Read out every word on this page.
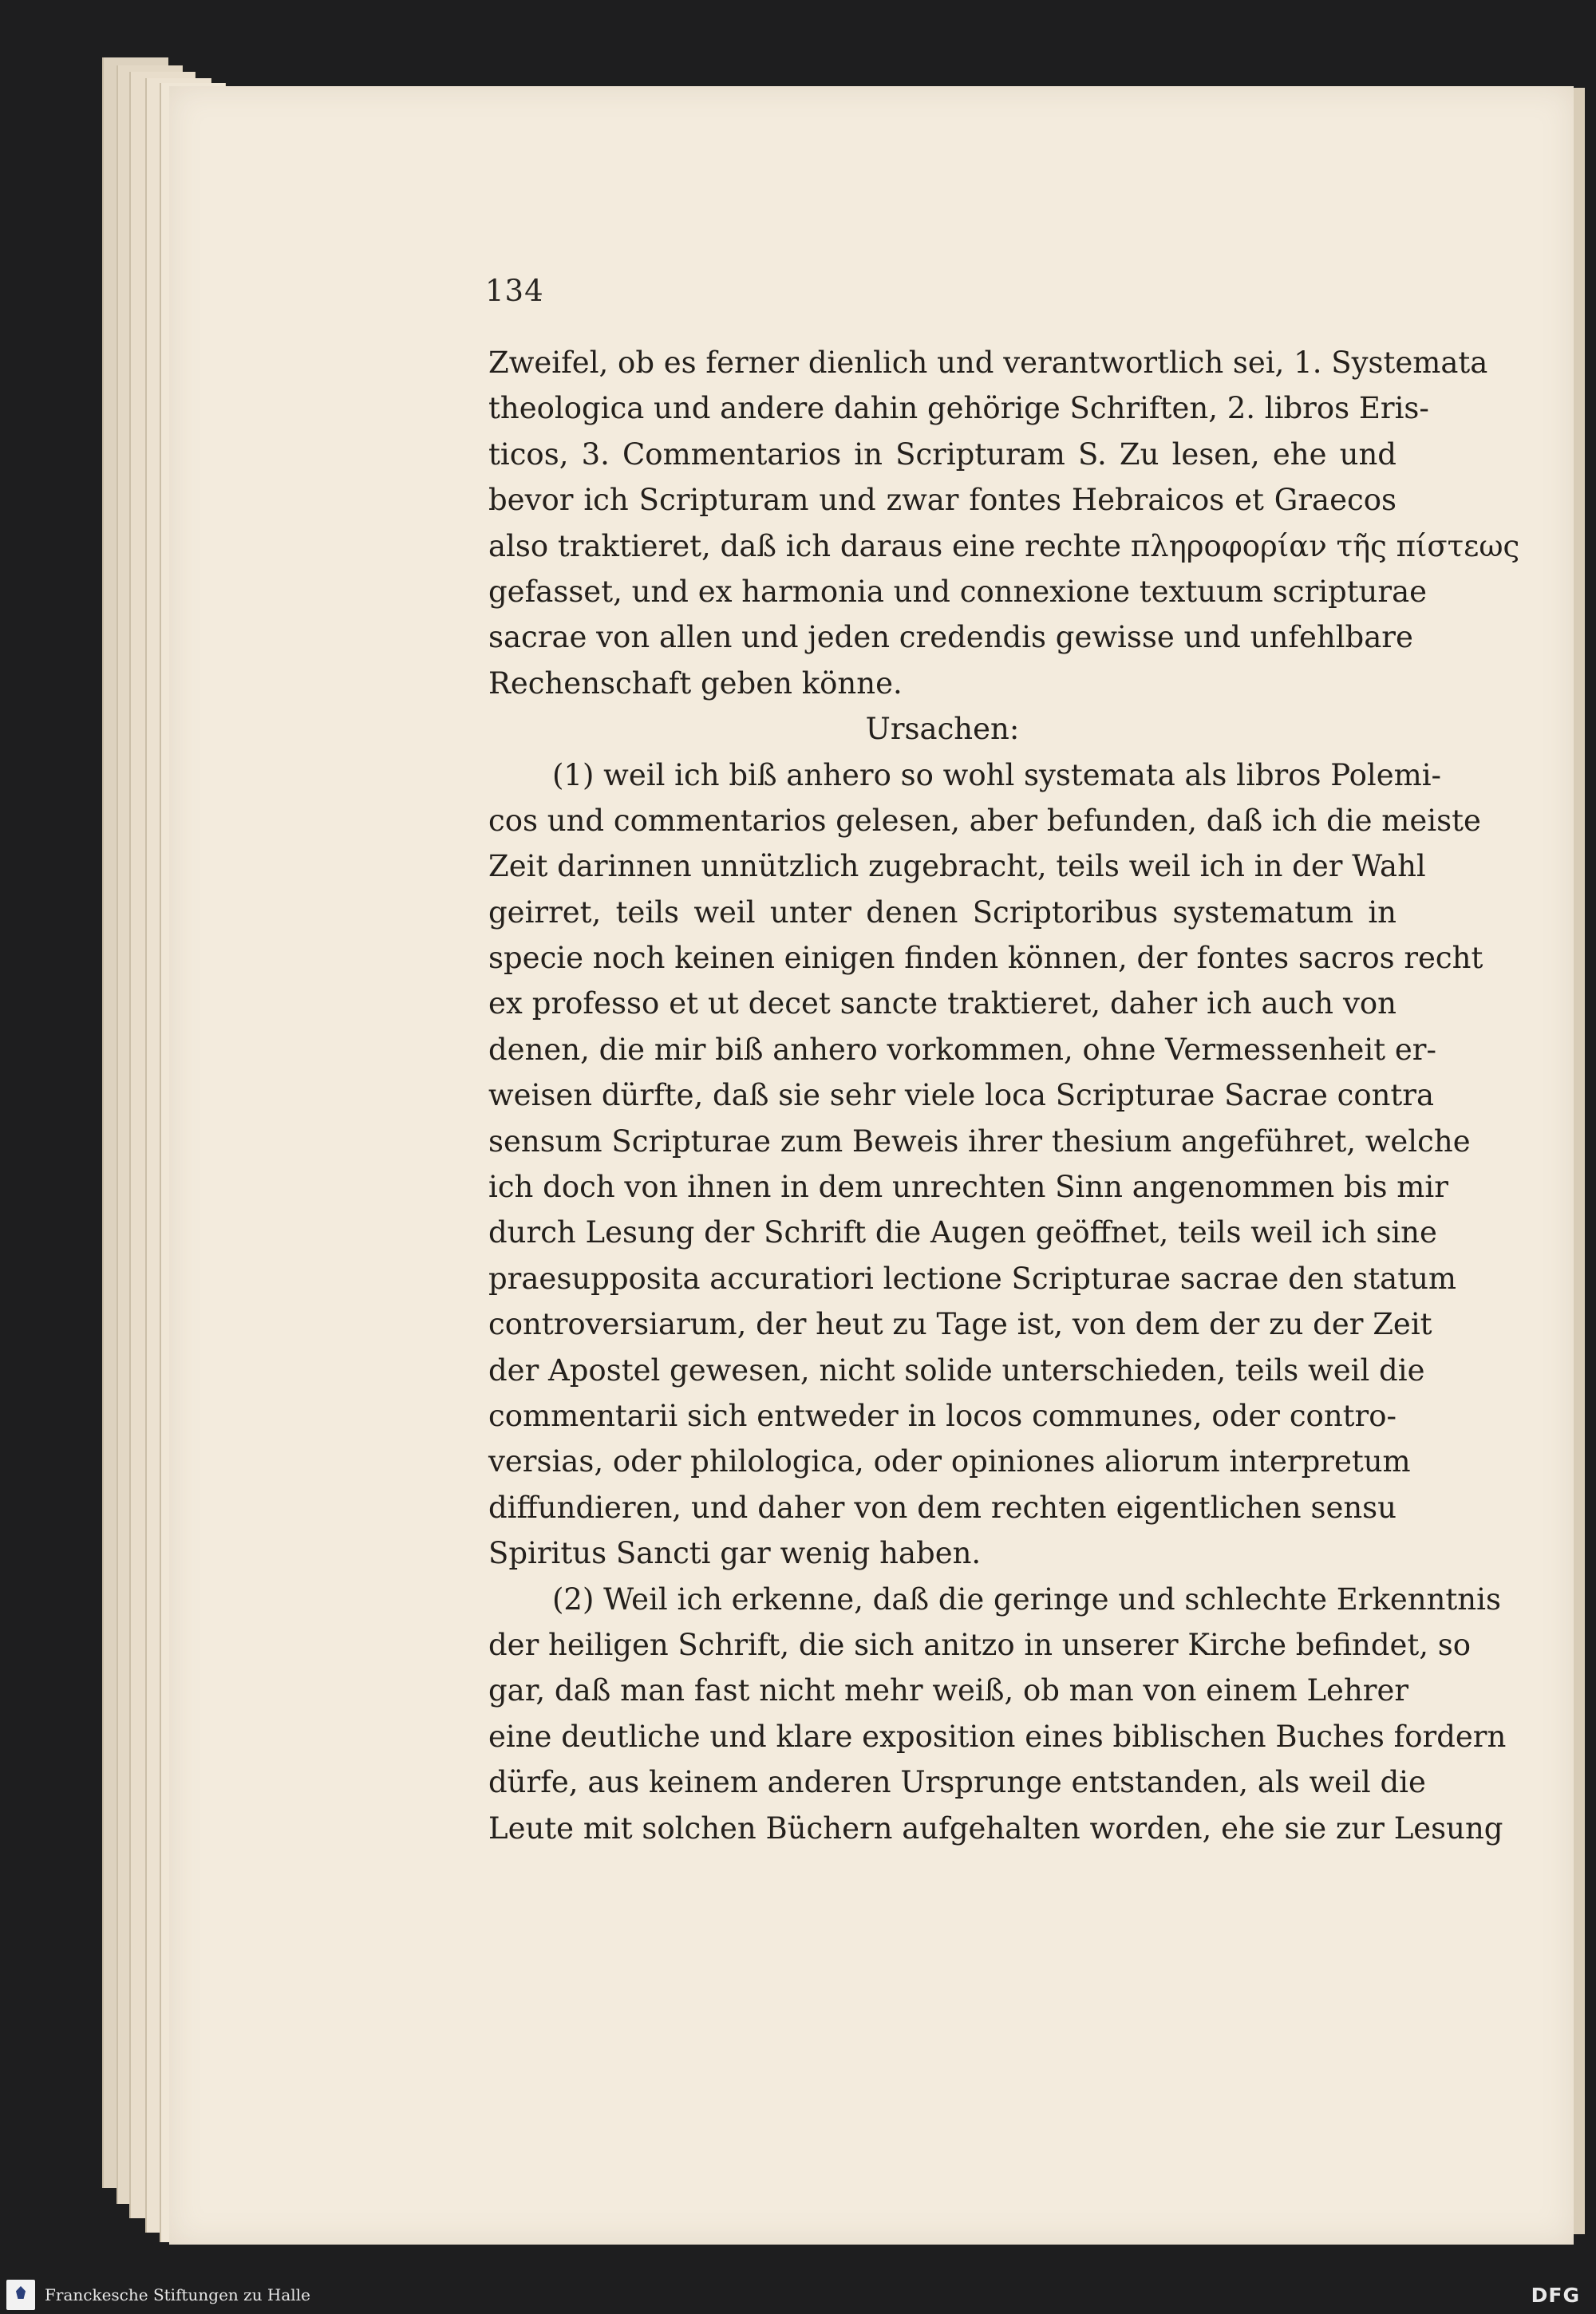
134
Zweifel, ob es ferner dienlich und verantwortlich sei, 1. Systemata
theologica und andere dahin gehörige Schriften, 2. libros Eris-
ticos, 3. Commentarios in Scripturam S. Zu lesen, ehe und
bevor ich Scripturam und zwar fontes Hebraicos et Graecos
also traktieret, daß ich daraus eine rechte πληροφορίαν τῆς πίστεως
gefasset, und ex harmonia und connexione textuum scripturae
sacrae von allen und jeden credendis gewisse und unfehlbare
Rechenschaft geben könne.
Ursachen:
(1) weil ich biß anhero so wohl systemata als libros Polemi-
cos und commentarios gelesen, aber befunden, daß ich die meiste
Zeit darinnen unnützlich zugebracht, teils weil ich in der Wahl
geirret, teils weil unter denen Scriptoribus systematum in
specie noch keinen einigen finden können, der fontes sacros recht
ex professo et ut decet sancte traktieret, daher ich auch von
denen, die mir biß anhero vorkommen, ohne Vermessenheit er-
weisen dürfte, daß sie sehr viele loca Scripturae Sacrae contra
sensum Scripturae zum Beweis ihrer thesium angeführet, welche
ich doch von ihnen in dem unrechten Sinn angenommen bis mir
durch Lesung der Schrift die Augen geöffnet, teils weil ich sine
praesupposita accuratiori lectione Scripturae sacrae den statum
controversiarum, der heut zu Tage ist, von dem der zu der Zeit
der Apostel gewesen, nicht solide unterschieden, teils weil die
commentarii sich entweder in locos communes, oder contro-
versias, oder philologica, oder opiniones aliorum interpretum
diffundieren, und daher von dem rechten eigentlichen sensu
Spiritus Sancti gar wenig haben.
(2) Weil ich erkenne, daß die geringe und schlechte Erkenntnis
der heiligen Schrift, die sich anitzo in unserer Kirche befindet, so
gar, daß man fast nicht mehr weiß, ob man von einem Lehrer
eine deutliche und klare exposition eines biblischen Buches fordern
dürfe, aus keinem anderen Ursprunge entstanden, als weil die
Leute mit solchen Büchern aufgehalten worden, ehe sie zur Lesung
Franckesche Stiftungen zu Halle	DFG
